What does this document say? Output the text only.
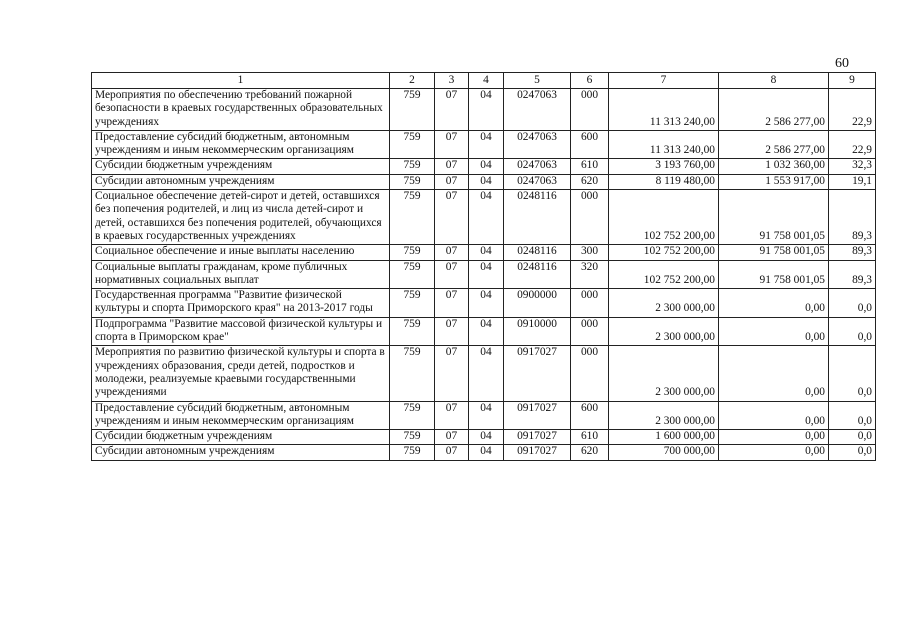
60
1	2	3	4	5	6	7	8	9
Мероприятия по обеспечению требований пожарной безопасности в краевых государственных образовательных учреждениях	759	07	04	0247063	000	11 313 240,00	2 586 277,00	22,9
Предоставление субсидий бюджетным, автономным учреждениям и иным некоммерческим организациям	759	07	04	0247063	600	11 313 240,00	2 586 277,00	22,9
Субсидии бюджетным учреждениям	759	07	04	0247063	610	3 193 760,00	1 032 360,00	32,3
Субсидии автономным учреждениям	759	07	04	0247063	620	8 119 480,00	1 553 917,00	19,1
Социальное обеспечение детей-сирот и детей, оставшихся без попечения родителей, и лиц из числа детей-сирот и детей, оставшихся без попечения родителей, обучающихся в краевых государственных учреждениях	759	07	04	0248116	000	102 752 200,00	91 758 001,05	89,3
Социальное обеспечение и иные выплаты населению	759	07	04	0248116	300	102 752 200,00	91 758 001,05	89,3
Социальные выплаты гражданам, кроме публичных нормативных социальных выплат	759	07	04	0248116	320	102 752 200,00	91 758 001,05	89,3
Государственная программа "Развитие физической культуры и спорта Приморского края" на 2013-2017 годы	759	07	04	0900000	000	2 300 000,00	0,00	0,0
Подпрограмма "Развитие массовой физической культуры и спорта в Приморском крае"	759	07	04	0910000	000	2 300 000,00	0,00	0,0
Мероприятия по развитию физической культуры и спорта в учреждениях образования, среди детей, подростков и молодежи, реализуемые краевыми государственными учреждениями	759	07	04	0917027	000	2 300 000,00	0,00	0,0
Предоставление субсидий бюджетным, автономным учреждениям и иным некоммерческим организациям	759	07	04	0917027	600	2 300 000,00	0,00	0,0
Субсидии бюджетным учреждениям	759	07	04	0917027	610	1 600 000,00	0,00	0,0
Субсидии автономным учреждениям	759	07	04	0917027	620	700 000,00	0,00	0,0
